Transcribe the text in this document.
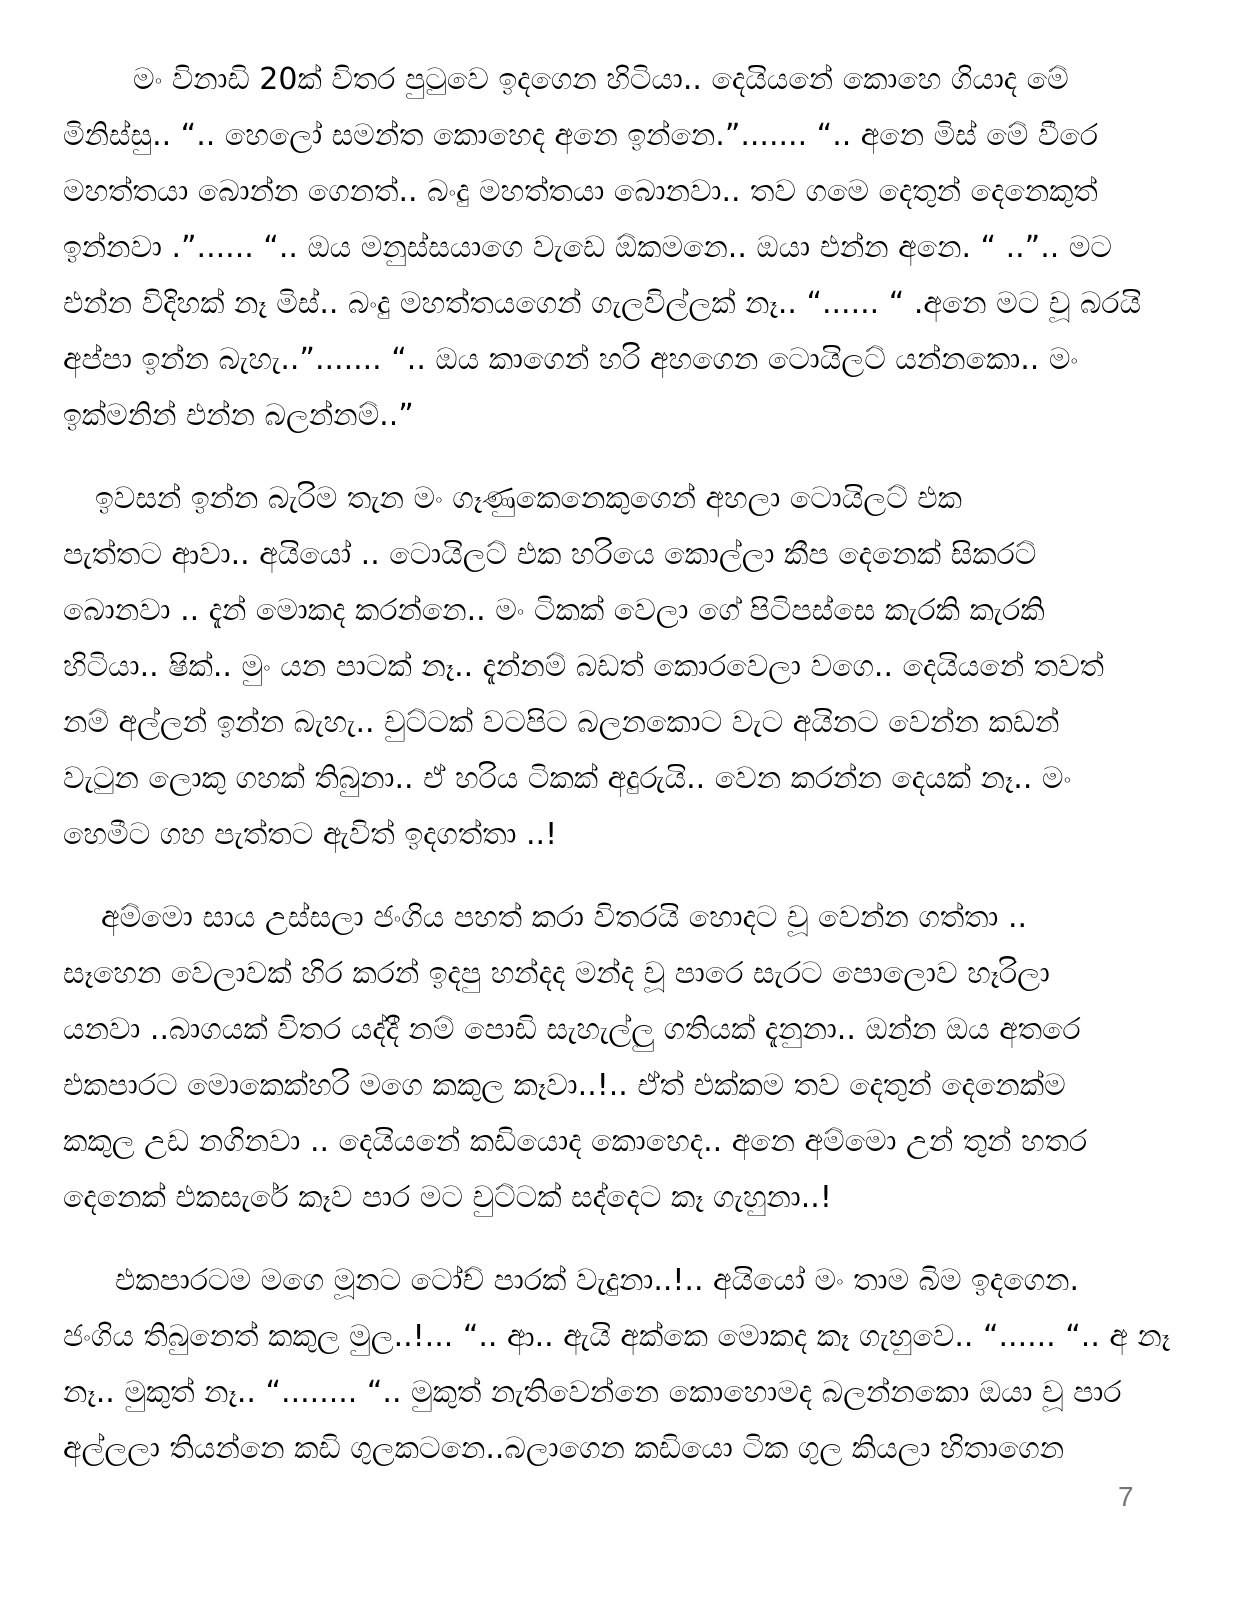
මං විනාඩි 20ක් විතර පුටුවෙ ඉදගෙන හිටියා.. දෙයියනේ කොහෙ ගියාද මේ
මිනිස්සු.. “.. හෙලෝ සමන්ත කොහෙද අනෙ ඉන්නෙ.”....... “.. අනෙ මිස් මේ වීරෙ
මහත්තයා බොන්න ගෙනත්.. බංදු මහත්තයා බොනවා.. තව ගමෙ දෙතුන් දෙනෙකුත්
ඉන්නවා .”...... “.. ඔය මනුස්සයාගෙ වැඩෙ ඕකමනෙ.. ඔයා එන්න අනෙ. “ ..”.. මට
එන්න විදිහක් නෑ මිස්.. බංදු මහත්තයගෙන් ගැලවිල්ලක් නෑ.. “...... “ .අනෙ මට චූ බරයි
අප්පා ඉන්න බැහැ..”....... “.. ඔය කාගෙන් හරි අහගෙන ටොයිලට් යන්නකො.. මං
ඉක්මනින් එන්න බලන්නම්..”
ඉවසන් ඉන්න බැරිම තැන මං ගෑණුකෙනෙකුගෙන් අහලා ටොයිලට් එක
පැත්තට ආවා.. අයියෝ .. ටොයිලට් එක හරියෙ කොල්ලා කීප දෙනෙක් සිකරට්
බොනවා .. දැන් මොකද කරන්නෙ.. මං ටිකක් වෙලා ගේ පිටිපස්සෙ කැරකි කැරකි
හිටියා.. ෂික්.. මුං යන පාටක් නෑ.. දැන්නම් බඩත් කොරවෙලා වගෙ.. දෙයියනේ තවත්
නම් අල්ලන් ඉන්න බැහැ.. චුට්ටක් වටපිට බලනකොට වැට අයිනට වෙන්න කඩන්
වැටුන ලොකු ගහක් තිබුනා.. ඒ හරිය ටිකක් අදුරුයි.. වෙන කරන්න දෙයක් නෑ.. මං
හෙමීට ගහ පැත්තට ඇවිත් ඉදගත්තා ..!
අම්මො සාය උස්සලා ජංගිය පහත් කරා විතරයි හොදට චූ වෙන්න ගත්තා ..
සෑහෙන වෙලාවක් හිර කරන් ඉදපු හන්දද මන්ද චූ පාරෙ සැරට පොලොව හෑරිලා
යනවා ..බාගයක් විතර යද්දී නම් පොඩි සැහැල්ලු ගතියක් දැනුනා.. ඔන්න ඔය අතරෙ
එකපාරට මොකෙක්හරි මගෙ කකුල කෑවා..!.. ඒත් එක්කම තව දෙතුන් දෙනෙක්ම
කකුල උඩ නගිනවා .. දෙයියනේ කඩියොද කොහෙද.. අනෙ අම්මො උන් තුන් හතර
දෙනෙක් එකසැරේ කෑව පාර මට චුට්ටක් සද්දෙට කෑ ගැහුනා..!
එකපාරටම මගෙ මූනට ටෝච් පාරක් වැදුනා..!.. අයියෝ මං තාම බිම ඉදගෙන.
ජංගිය තිබුනෙත් කකුල මුල..!... “.. ආ.. ඇයි අක්කෙ මොකද කෑ ගැහුවෙ.. “...... “.. අ නෑ
නෑ.. මුකුත් නෑ.. “........ “.. මුකුත් නැතිවෙන්නෙ කොහොමද බලන්නකො ඔයා චූ පාර
අල්ලලා තියන්නෙ කඩි ගුලකටනෙ..බලාගෙන කඩියො ටික ගුල කියලා හිතාගෙන
7
